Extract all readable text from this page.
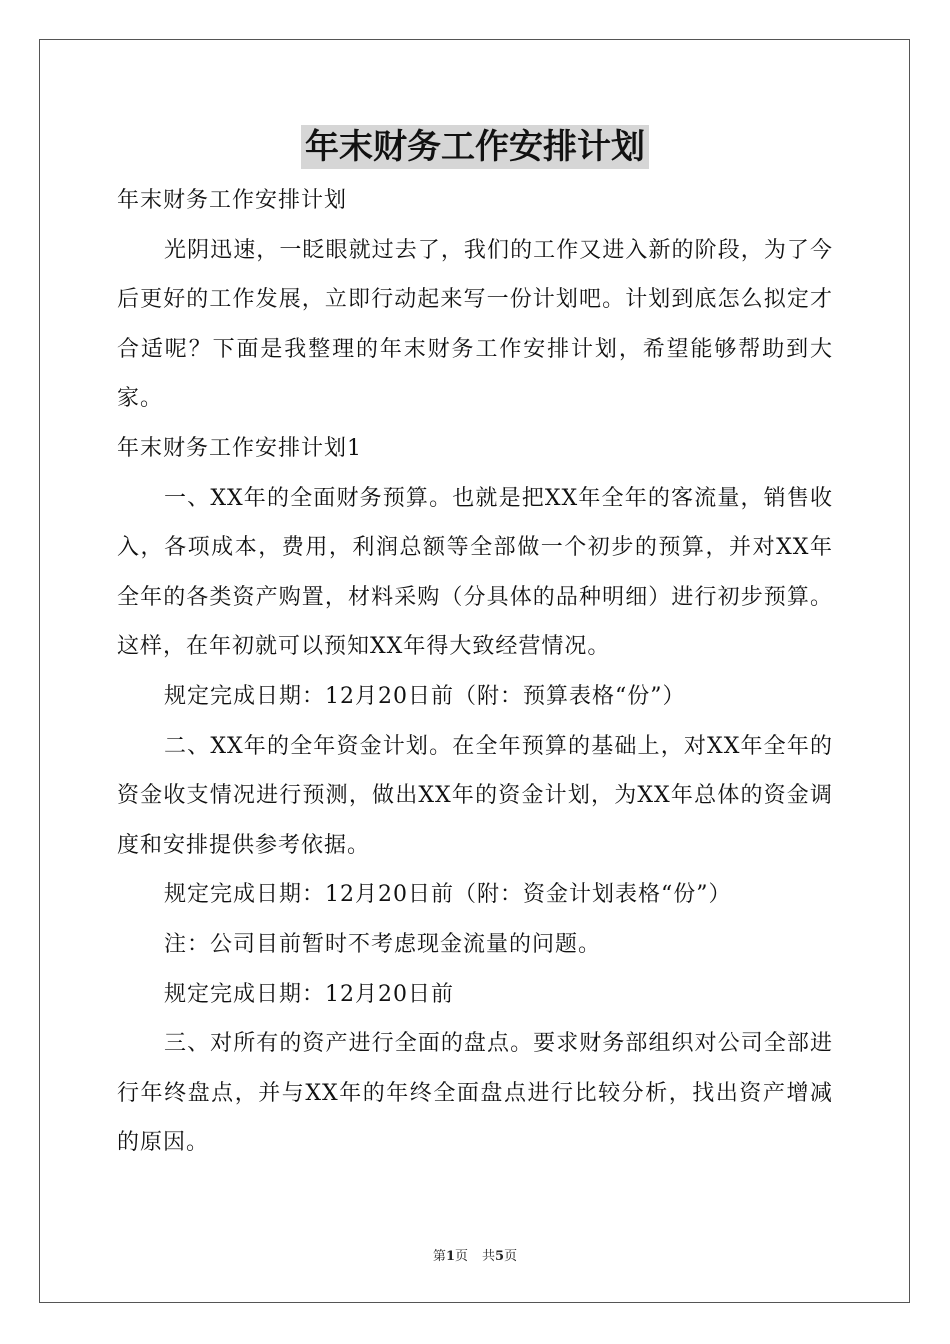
年末财务工作安排计划

年末财务工作安排计划

光阴迅速，一眨眼就过去了，我们的工作又进入新的阶段，为了今后更好的工作发展，立即行动起来写一份计划吧。计划到底怎么拟定才合适呢？下面是我整理的年末财务工作安排计划，希望能够帮助到大家。

年末财务工作安排计划1

一、XX年的全面财务预算。也就是把XX年全年的客流量，销售收入，各项成本，费用，利润总额等全部做一个初步的预算，并对XX年全年的各类资产购置，材料采购（分具体的品种明细）进行初步预算。这样，在年初就可以预知XX年得大致经营情况。

规定完成日期：12月20日前（附：预算表格“份”）

二、XX年的全年资金计划。在全年预算的基础上，对XX年全年的资金收支情况进行预测，做出XX年的资金计划，为XX年总体的资金调度和安排提供参考依据。

规定完成日期：12月20日前（附：资金计划表格“份”）

注：公司目前暂时不考虑现金流量的问题。

规定完成日期：12月20日前

三、对所有的资产进行全面的盘点。要求财务部组织对公司全部进行年终盘点，并与XX年的年终全面盘点进行比较分析，找出资产增减的原因。

第1页 共5页
